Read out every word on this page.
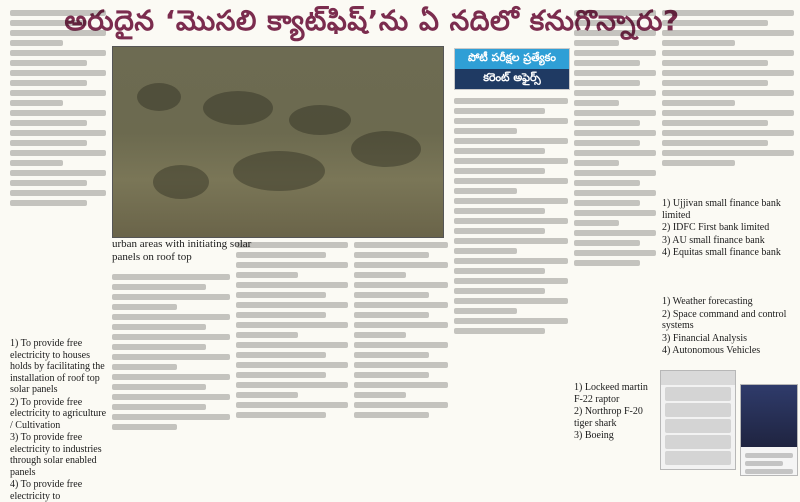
అరుదైన ‘మొసలి క్యాట్‌ఫిష్‌’ను ఏ నదిలో కనుగొన్నారు?
పోటీ పరీక్షల ప్రత్యేకం
కరెంట్‌ అఫైర్స్‌
urban areas with initiating solar panels on roof top
1) To provide free electricity to houses holds by facilitating the installation of roof top solar panels
2) To provide free electricity to agriculture / Cultivation
3) To provide free electricity to industries through solar enabled panels
4) To provide free electricity to
1) Ujjivan small finance bank limited
2) IDFC First bank limited
3) AU small finance bank
4) Equitas small finance bank
1) Weather forecasting
2) Space command and control systems
3) Financial Analysis
4) Autonomous Vehicles
1) Lockeed martin F-22 raptor
2) Northrop F-20 tiger shark
3) Boeing
